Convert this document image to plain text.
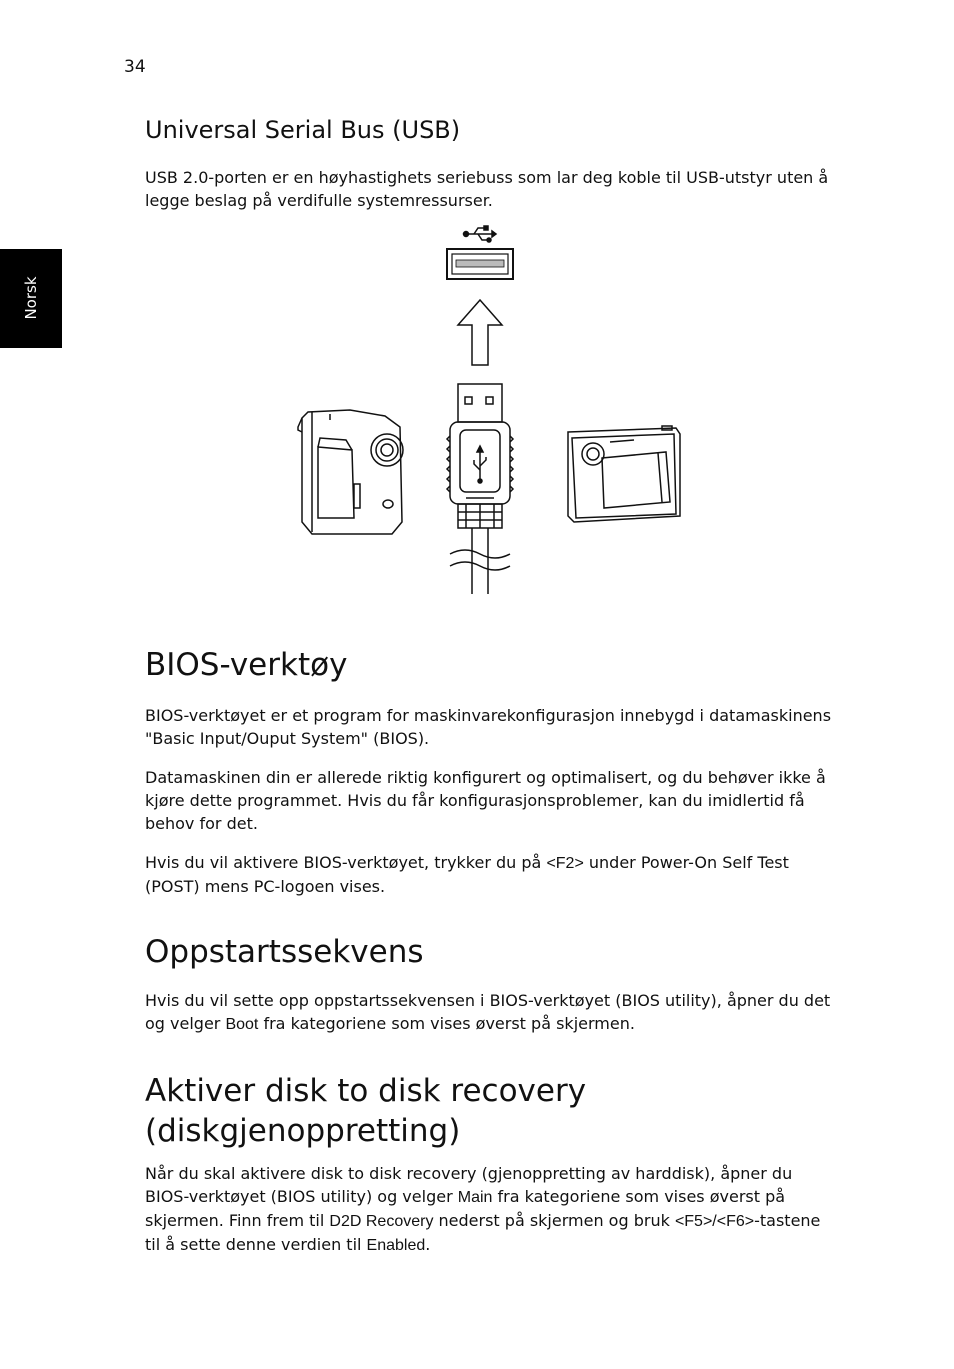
34
Norsk
Universal Serial Bus (USB)

USB 2.0-porten er en høyhastighets seriebuss som lar deg koble til USB-utstyr uten å legge beslag på verdifulle systemressurser.

BIOS-verktøy

BIOS-verktøyet er et program for maskinvarekonfigurasjon innebygd i datamaskinens "Basic Input/Ouput System" (BIOS).

Datamaskinen din er allerede riktig konfigurert og optimalisert, og du behøver ikke å kjøre dette programmet. Hvis du får konfigurasjonsproblemer, kan du imidlertid få behov for det.

Hvis du vil aktivere BIOS-verktøyet, trykker du på <F2> under Power-On Self Test (POST) mens PC-logoen vises.

Oppstartssekvens

Hvis du vil sette opp oppstartssekvensen i BIOS-verktøyet (BIOS utility), åpner du det og velger Boot fra kategoriene som vises øverst på skjermen.

Aktiver disk to disk recovery
(diskgjenoppretting)

Når du skal aktivere disk to disk recovery (gjenoppretting av harddisk), åpner du BIOS-verktøyet (BIOS utility) og velger Main fra kategoriene som vises øverst på skjermen. Finn frem til D2D Recovery nederst på skjermen og bruk <F5>/<F6>-tastene til å sette denne verdien til Enabled.
